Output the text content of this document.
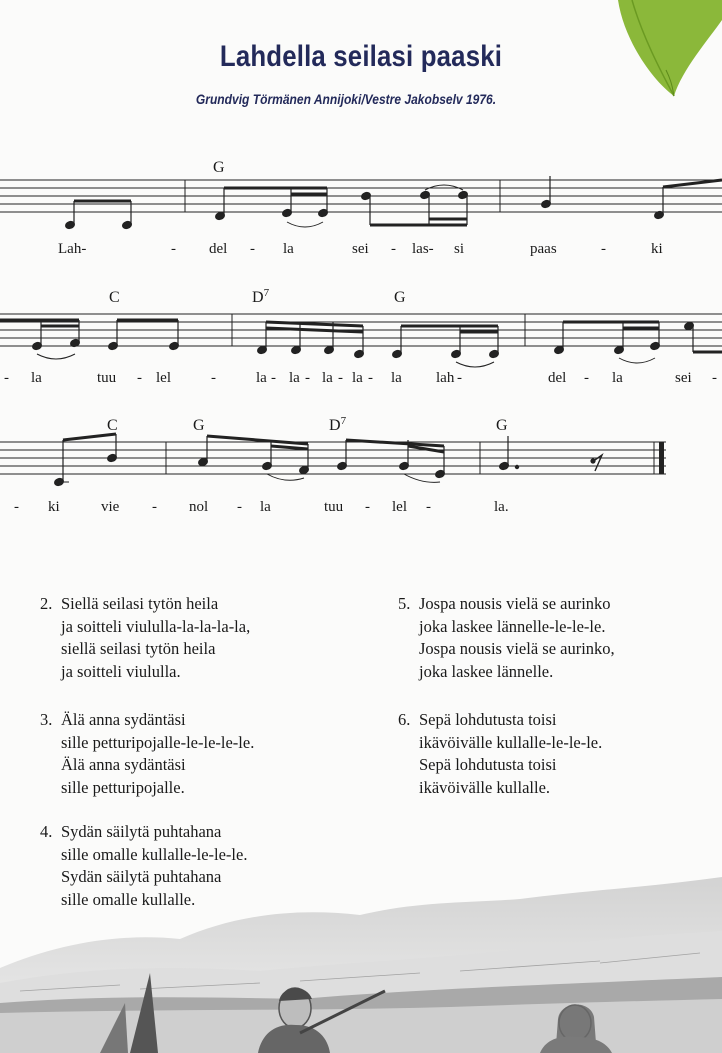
Lahdella seilasi paaski
Grundvig Törmänen Annijoki/Vestre Jakobselv 1976.
G
C	$D^7$	G
C	G	$D^7$	G
Lah-	- del - la	sei - las- si	paas	-	ki
- la	tuu - lel	-	la - la - la - la - la lah -	del - la	sei -
- ki	vie - nol - la	tuu - lel -	la.
2. Siellä seilasi tytön heila
ja soitteli viululla-la-la-la-la,
siellä seilasi tytön heila
ja soitteli viululla.
3. Älä anna sydäntäsi
sille petturipojalle-le-le-le-le.
Älä anna sydäntäsi
sille petturipojalle.
4. Sydän säilytä puhtahana
sille omalle kullalle-le-le-le.
Sydän säilytä puhtahana
sille omalle kullalle.
5. Jospa nousis vielä se aurinko
joka laskee lännelle-le-le-le.
Jospa nousis vielä se aurinko,
joka laskee lännelle.
6. Sepä lohdutusta toisi
ikävöivälle kullalle-le-le-le.
Sepä lohdutusta toisi
ikävöivälle kullalle.
